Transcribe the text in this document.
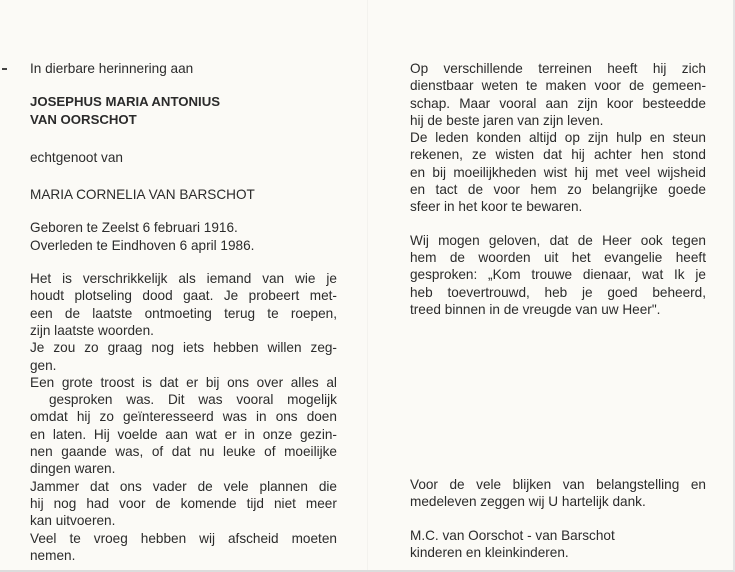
In dierbare herinnering aan
JOSEPHUS MARIA ANTONIUS
VAN OORSCHOT
echtgenoot van
MARIA CORNELIA VAN BARSCHOT
Geboren te Zeelst 6 februari 1916.
Overleden te Eindhoven 6 april 1986.
Het is verschrikkelijk als iemand van wie je
houdt plotseling dood gaat. Je probeert met-
een de laatste ontmoeting terug te roepen,
zijn laatste woorden.
Je zou zo graag nog iets hebben willen zeg-
gen.
Een grote troost is dat er bij ons over alles al
gesproken was. Dit was vooral mogelijk
omdat hij zo geïnteresseerd was in ons doen
en laten. Hij voelde aan wat er in onze gezin-
nen gaande was, of dat nu leuke of moeilijke
dingen waren.
Jammer dat ons vader de vele plannen die
hij nog had voor de komende tijd niet meer
kan uitvoeren.
Veel te vroeg hebben wij afscheid moeten
nemen.
Op verschillende terreinen heeft hij zich
dienstbaar weten te maken voor de gemeen-
schap. Maar vooral aan zijn koor besteedde
hij de beste jaren van zijn leven.
De leden konden altijd op zijn hulp en steun
rekenen, ze wisten dat hij achter hen stond
en bij moeilijkheden wist hij met veel wijsheid
en tact de voor hem zo belangrijke goede
sfeer in het koor te bewaren.
Wij mogen geloven, dat de Heer ook tegen
hem de woorden uit het evangelie heeft
gesproken: „Kom trouwe dienaar, wat Ik je
heb toevertrouwd, heb je goed beheerd,
treed binnen in de vreugde van uw Heer".
Voor de vele blijken van belangstelling en
medeleven zeggen wij U hartelijk dank.
M.C. van Oorschot - van Barschot
kinderen en kleinkinderen.
